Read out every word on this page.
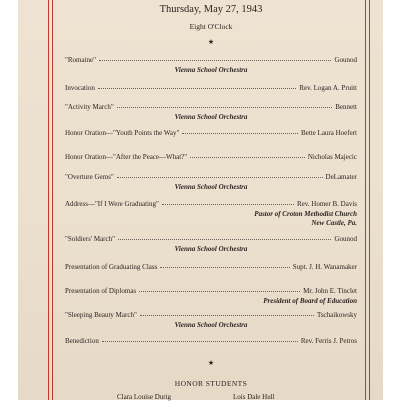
Thursday, May 27, 1943
Eight O'Clock
★
"Romaine"	Gounod
Vienna School Orchestra
Invocation	Rev. Logan A. Pruitt
"Activity March"	Bennett
Vienna School Orchestra
Honor Oration—"Youth Points the Way"	Bette Laura Hoefert
Honor Oration—"After the Peace—What?"	Nicholas Majecic
"Overture Gems"	DeLamater
Vienna School Orchestra
Address—"If I Were Graduating"	Rev. Homer B. Davis
Pastor of Croton Methodist Church
New Castle, Pa.
"Soldiers' March"	Gounod
Vienna School Orchestra
Presentation of Graduating Class	Supt. J. H. Wanamaker
Presentation of Diplomas	Mr. John E. Tinclet
President of Board of Education
"Sleeping Beauty March"	Tschaikowsky
Vienna School Orchestra
Benediction	Rev. Ferris J. Petros
★
HONOR STUDENTS
Clara Louise Durig	Lois Dale Hull
